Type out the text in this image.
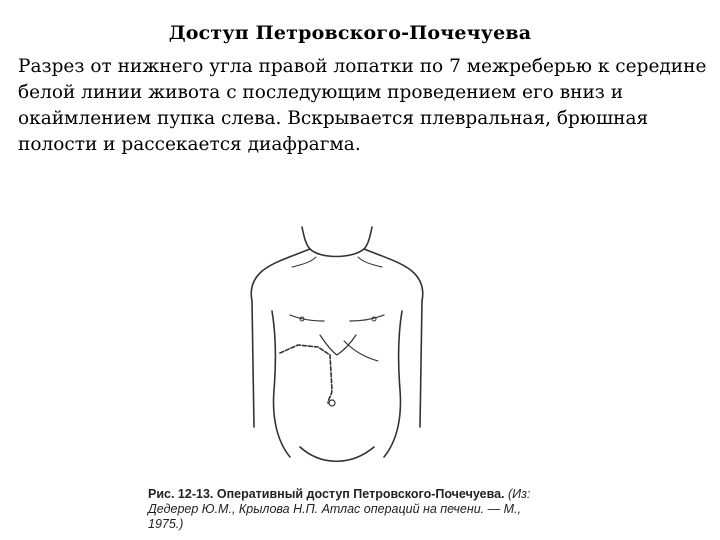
Доступ Петровского-Почечуева
Разрез от нижнего угла правой лопатки по 7 межреберью к середине белой линии живота с последующим проведением его вниз и окаймлением пупка слева. Вскрывается плевральная, брюшная полости и рассекается диафрагма.
Рис. 12-13. Оперативный доступ Петровского-Почечуева. (Из: Дедерер Ю.М., Крылова Н.П. Атлас операций на печени. — М., 1975.)
